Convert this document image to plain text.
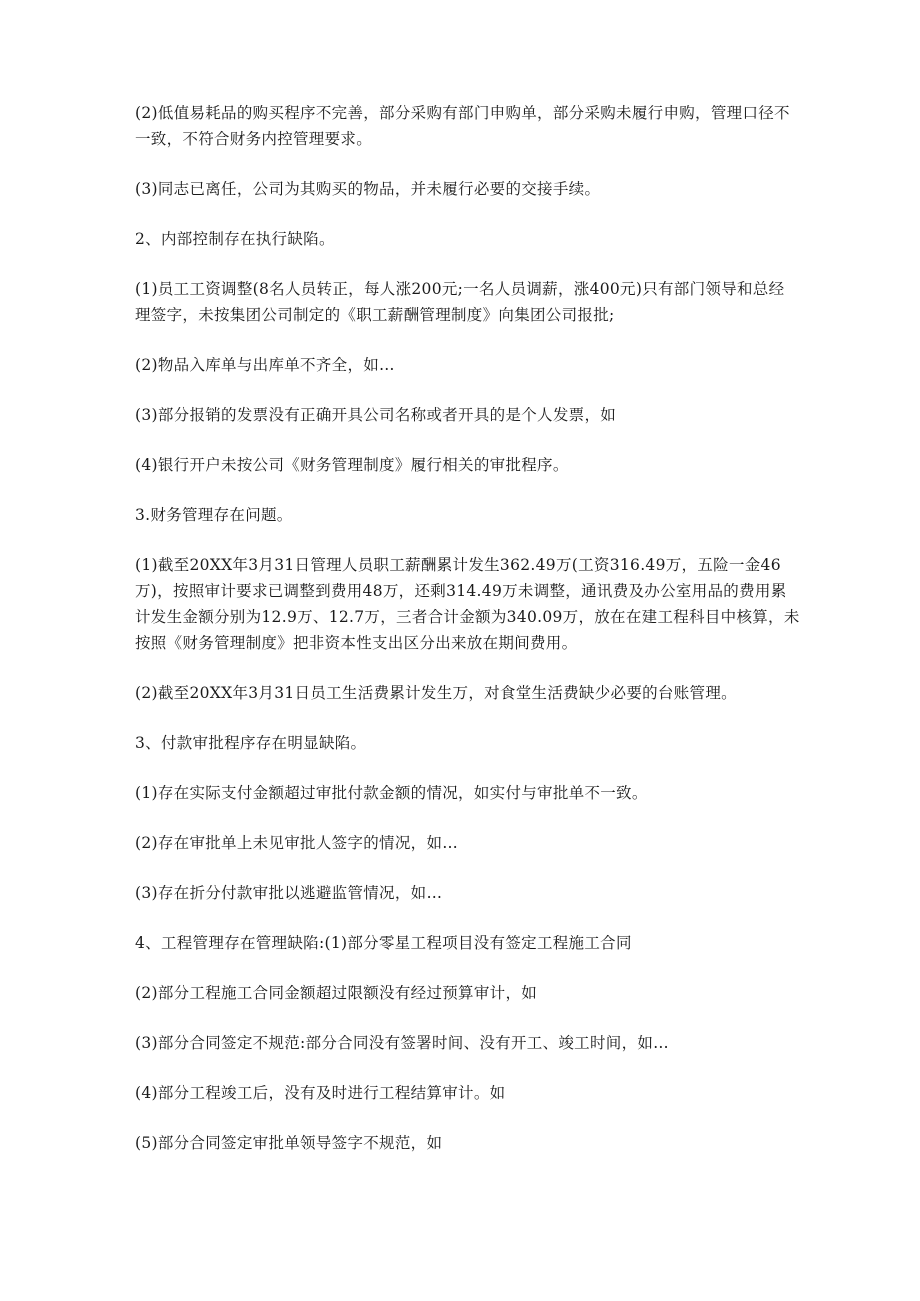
(2)低值易耗品的购买程序不完善，部分采购有部门申购单，部分采购未履行申购，管理口径不一致，不符合财务内控管理要求。

(3)同志已离任，公司为其购买的物品，并未履行必要的交接手续。

2、内部控制存在执行缺陷。

(1)员工工资调整(8名人员转正，每人涨200元;一名人员调薪，涨400元)只有部门领导和总经理签字，未按集团公司制定的《职工薪酬管理制度》向集团公司报批;

(2)物品入库单与出库单不齐全，如…

(3)部分报销的发票没有正确开具公司名称或者开具的是个人发票，如

(4)银行开户未按公司《财务管理制度》履行相关的审批程序。

3.财务管理存在问题。

(1)截至20XX年3月31日管理人员职工薪酬累计发生362.49万(工资316.49万，五险一金46万)，按照审计要求已调整到费用48万，还剩314.49万未调整，通讯费及办公室用品的费用累计发生金额分别为12.9万、12.7万，三者合计金额为340.09万，放在在建工程科目中核算，未按照《财务管理制度》把非资本性支出区分出来放在期间费用。

(2)截至20XX年3月31日员工生活费累计发生万，对食堂生活费缺少必要的台账管理。

3、付款审批程序存在明显缺陷。

(1)存在实际支付金额超过审批付款金额的情况，如实付与审批单不一致。

(2)存在审批单上未见审批人签字的情况，如…

(3)存在折分付款审批以逃避监管情况，如…

4、工程管理存在管理缺陷:(1)部分零星工程项目没有签定工程施工合同

(2)部分工程施工合同金额超过限额没有经过预算审计，如

(3)部分合同签定不规范:部分合同没有签署时间、没有开工、竣工时间，如…

(4)部分工程竣工后，没有及时进行工程结算审计。如

(5)部分合同签定审批单领导签字不规范，如
